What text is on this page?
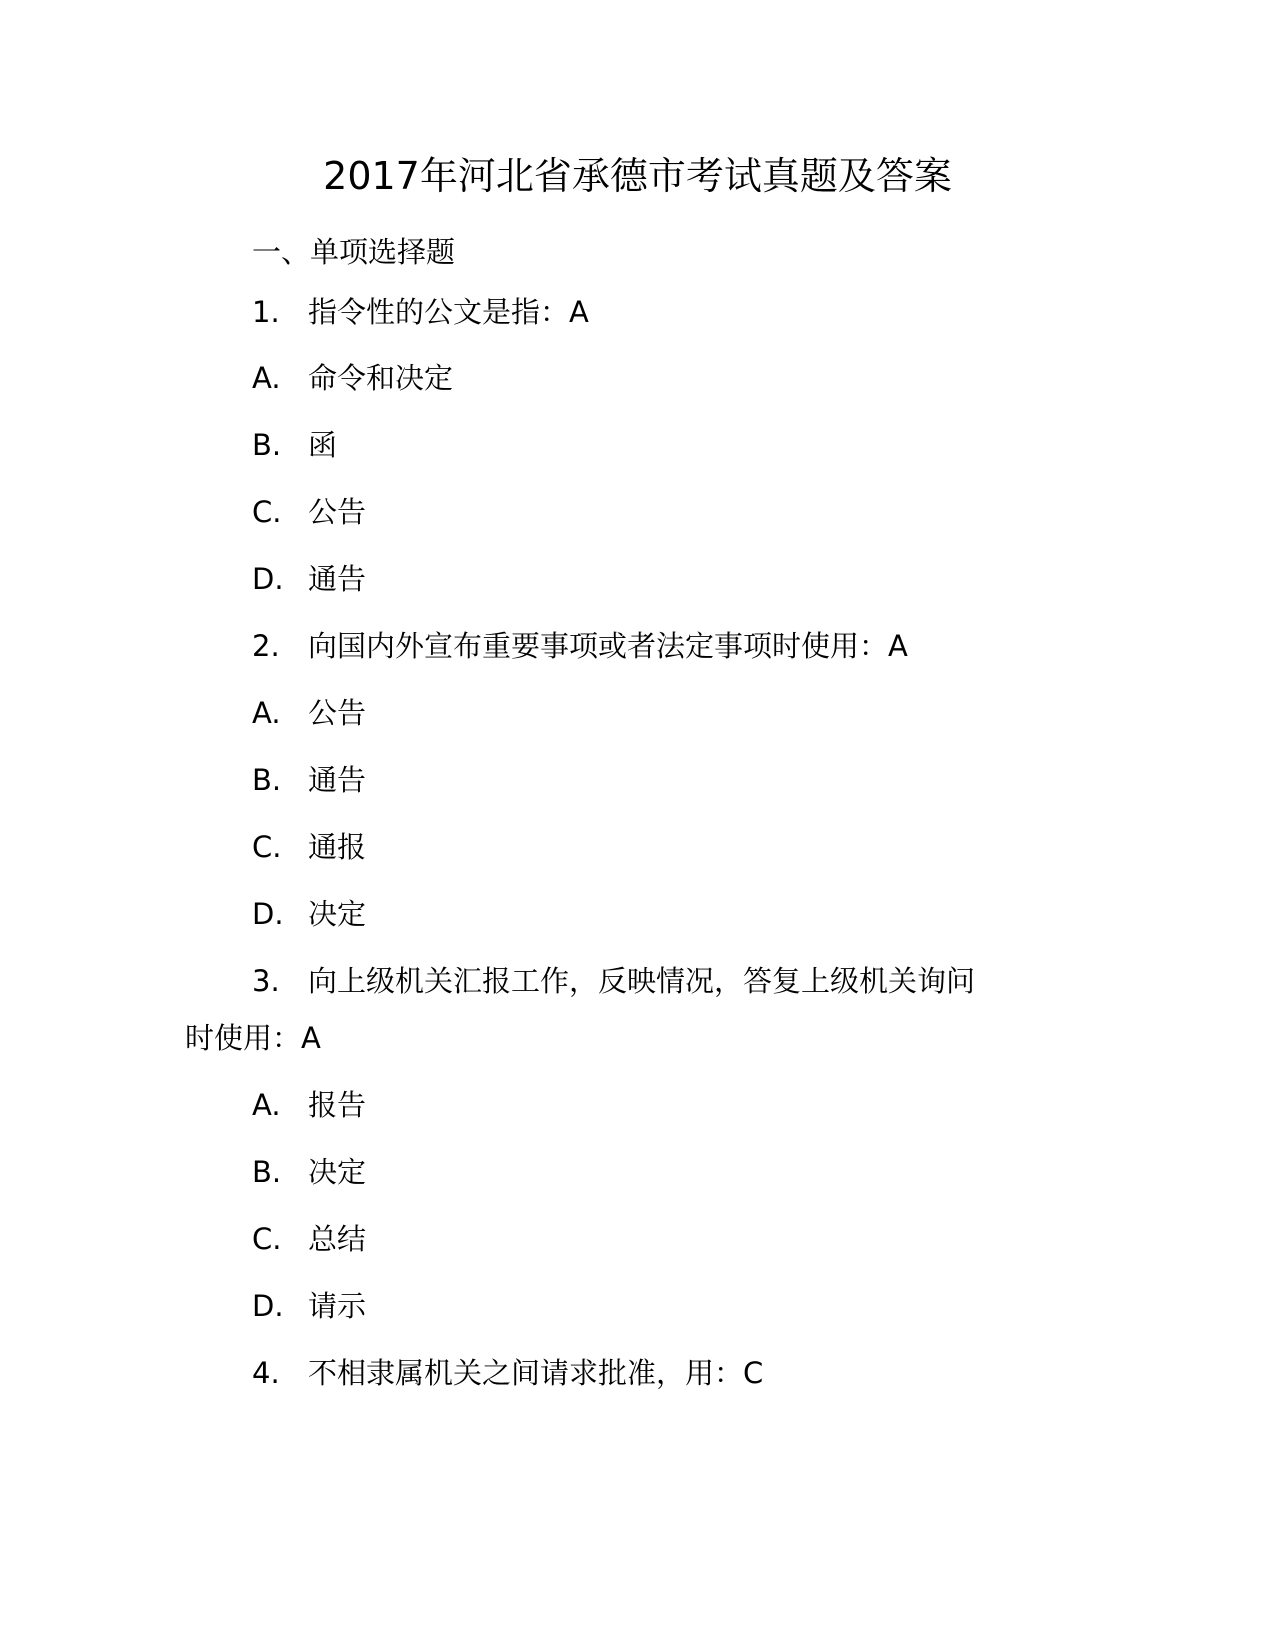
2017年河北省承德市考试真题及答案
一、单项选择题
1. 指令性的公文是指：A
A. 命令和决定
B. 函
C. 公告
D. 通告
2. 向国内外宣布重要事项或者法定事项时使用：A
A. 公告
B. 通告
C. 通报
D. 决定
3. 向上级机关汇报工作，反映情况，答复上级机关询问
时使用：A
A. 报告
B. 决定
C. 总结
D. 请示
4. 不相隶属机关之间请求批准，用：C
